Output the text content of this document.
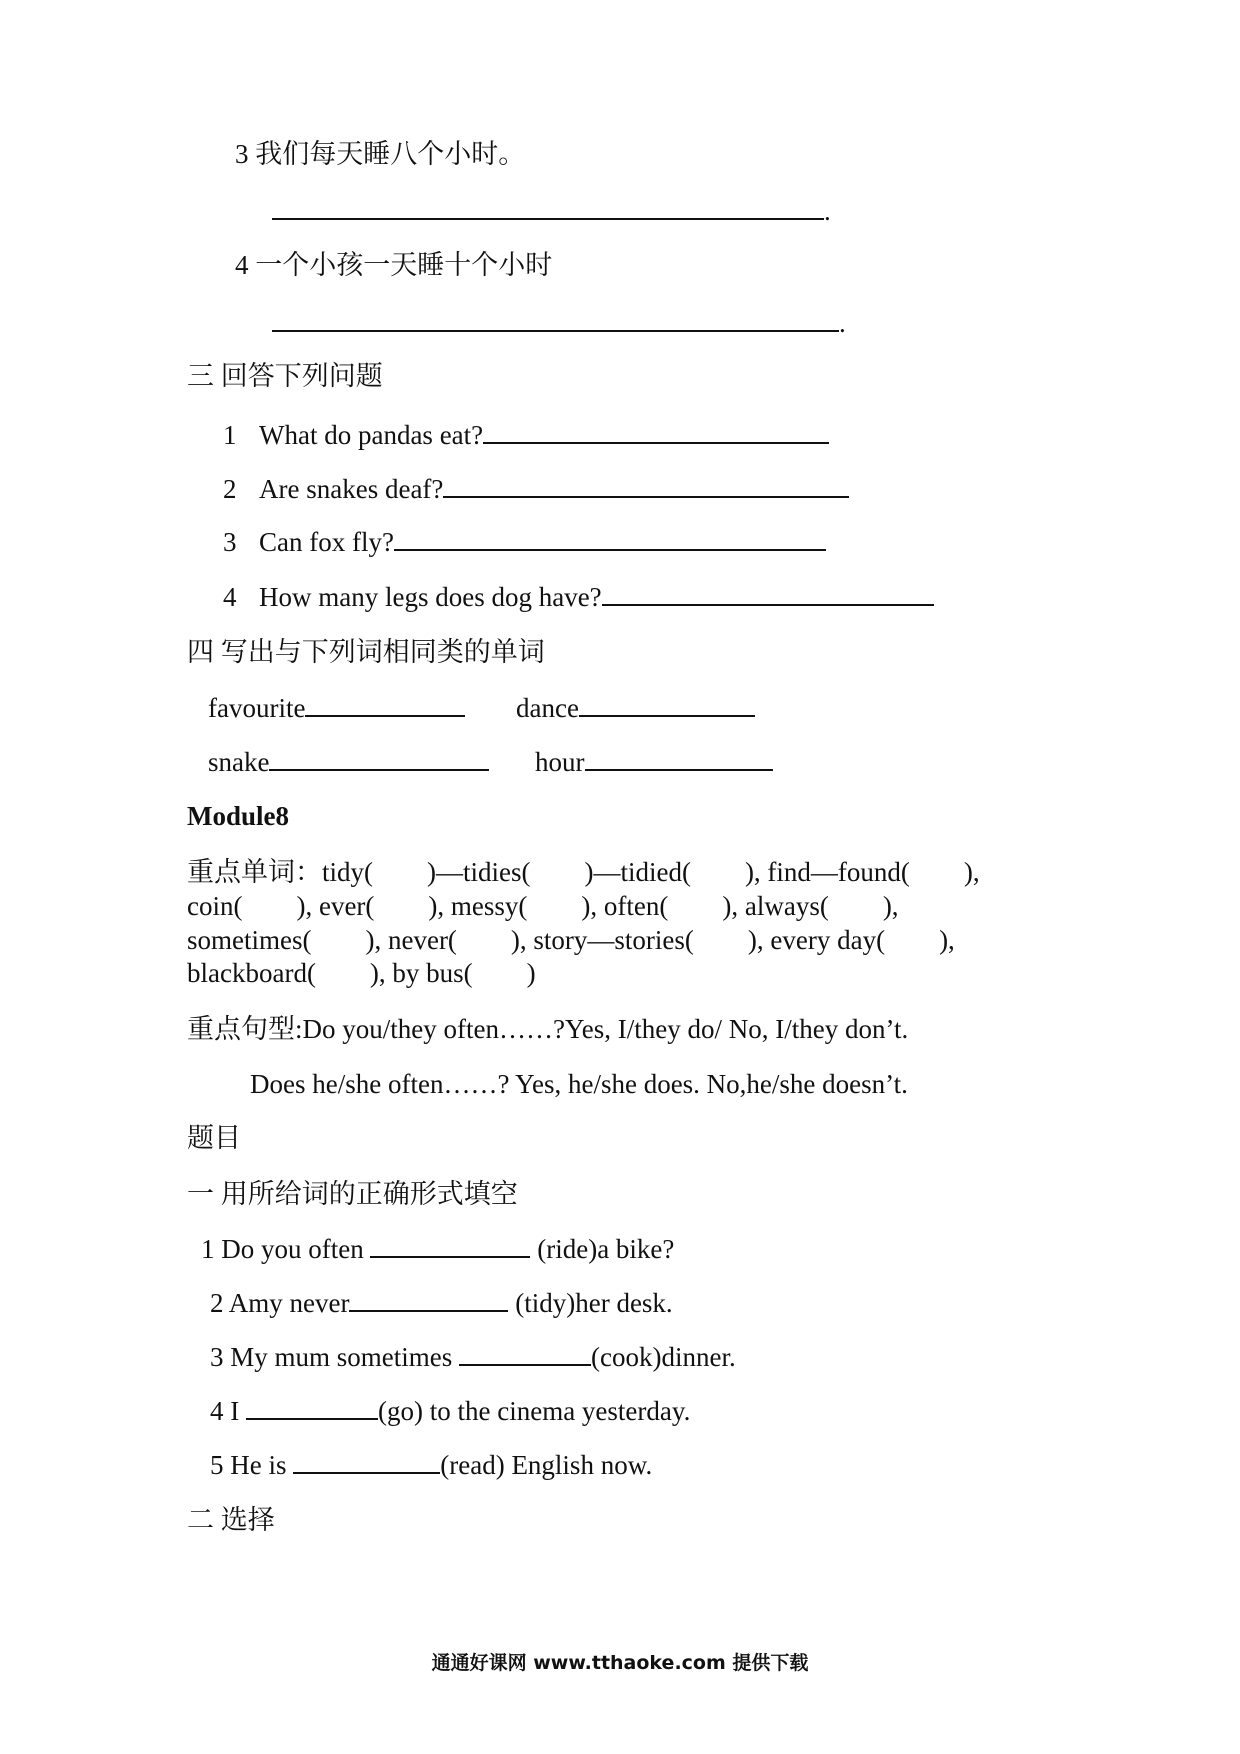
3 我们每天睡八个小时。
.
4 一个小孩一天睡十个小时
.
三 回答下列问题
1 What do pandas eat?
2 Are snakes deaf?
3 Can fox fly?
4 How many legs does dog have?
四 写出与下列词相同类的单词
favourite	dance
snake	hour
Module8
重点单词：tidy(　　)—tidies(　　)—tidied(　　), find—found(　　),
coin(　　), ever(　　), messy(　　), often(　　), always(　　),
sometimes(　　), never(　　), story—stories(　　), every day(　　),
blackboard(　　), by bus(　　)
重点句型:Do you/they often……?Yes, I/they do/ No, I/they don’t.
Does he/she often……? Yes, he/she does. No,he/she doesn’t.
题目
一 用所给词的正确形式填空
1 Do you often	(ride)a bike?
2 Amy never	(tidy)her desk.
3 My mum sometimes	(cook)dinner.
4 I	(go) to the cinema yesterday.
5 He is	(read) English now.
二 选择
通通好课网 www.tthaoke.com 提供下载
